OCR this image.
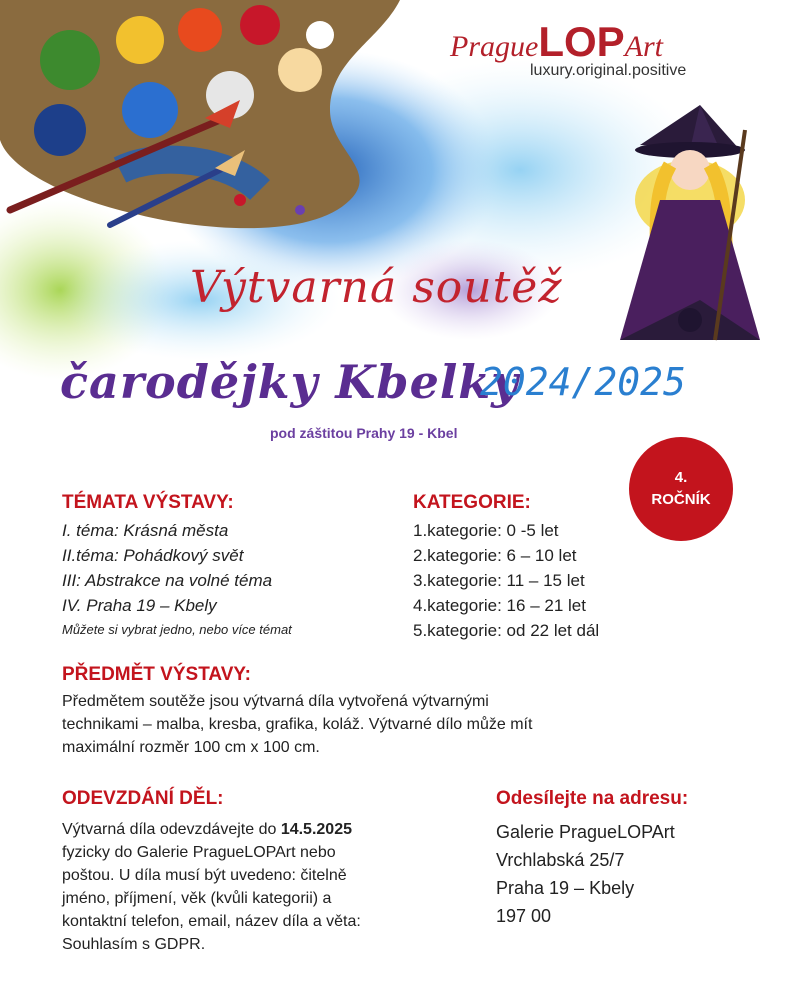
PragueLOPArt
luxury.original.positive
Výtvarná soutěž
čarodějky Kbelky
2024/2025
pod záštitou Prahy 19 - Kbel
4.
ROČNÍK
TÉMATA VÝSTAVY:
I. téma: Krásná města
II.téma: Pohádkový svět
III: Abstrakce na volné téma
IV. Praha 19 – Kbely
Můžete si vybrat jedno, nebo více témat
KATEGORIE:
1.kategorie: 0 -5 let
2.kategorie: 6 – 10 let
3.kategorie: 11 – 15 let
4.kategorie: 16 – 21 let
5.kategorie: od 22 let dál
PŘEDMĚT VÝSTAVY:
Předmětem soutěže jsou výtvarná díla vytvořená výtvarnými
technikami – malba, kresba, grafika, koláž. Výtvarné dílo může mít
maximální rozměr 100 cm x 100 cm.
ODEVZDÁNÍ DĚL:
Výtvarná díla odevzdávejte do 14.5.2025
fyzicky do Galerie PragueLOPArt nebo
poštou. U díla musí být uvedeno: čitelně
jméno, příjmení, věk (kvůli kategorii) a
kontaktní telefon, email, název díla a věta:
Souhlasím s GDPR.
Odesílejte na adresu:
Galerie PragueLOPArt
Vrchlabská 25/7
Praha 19 – Kbely
197 00
